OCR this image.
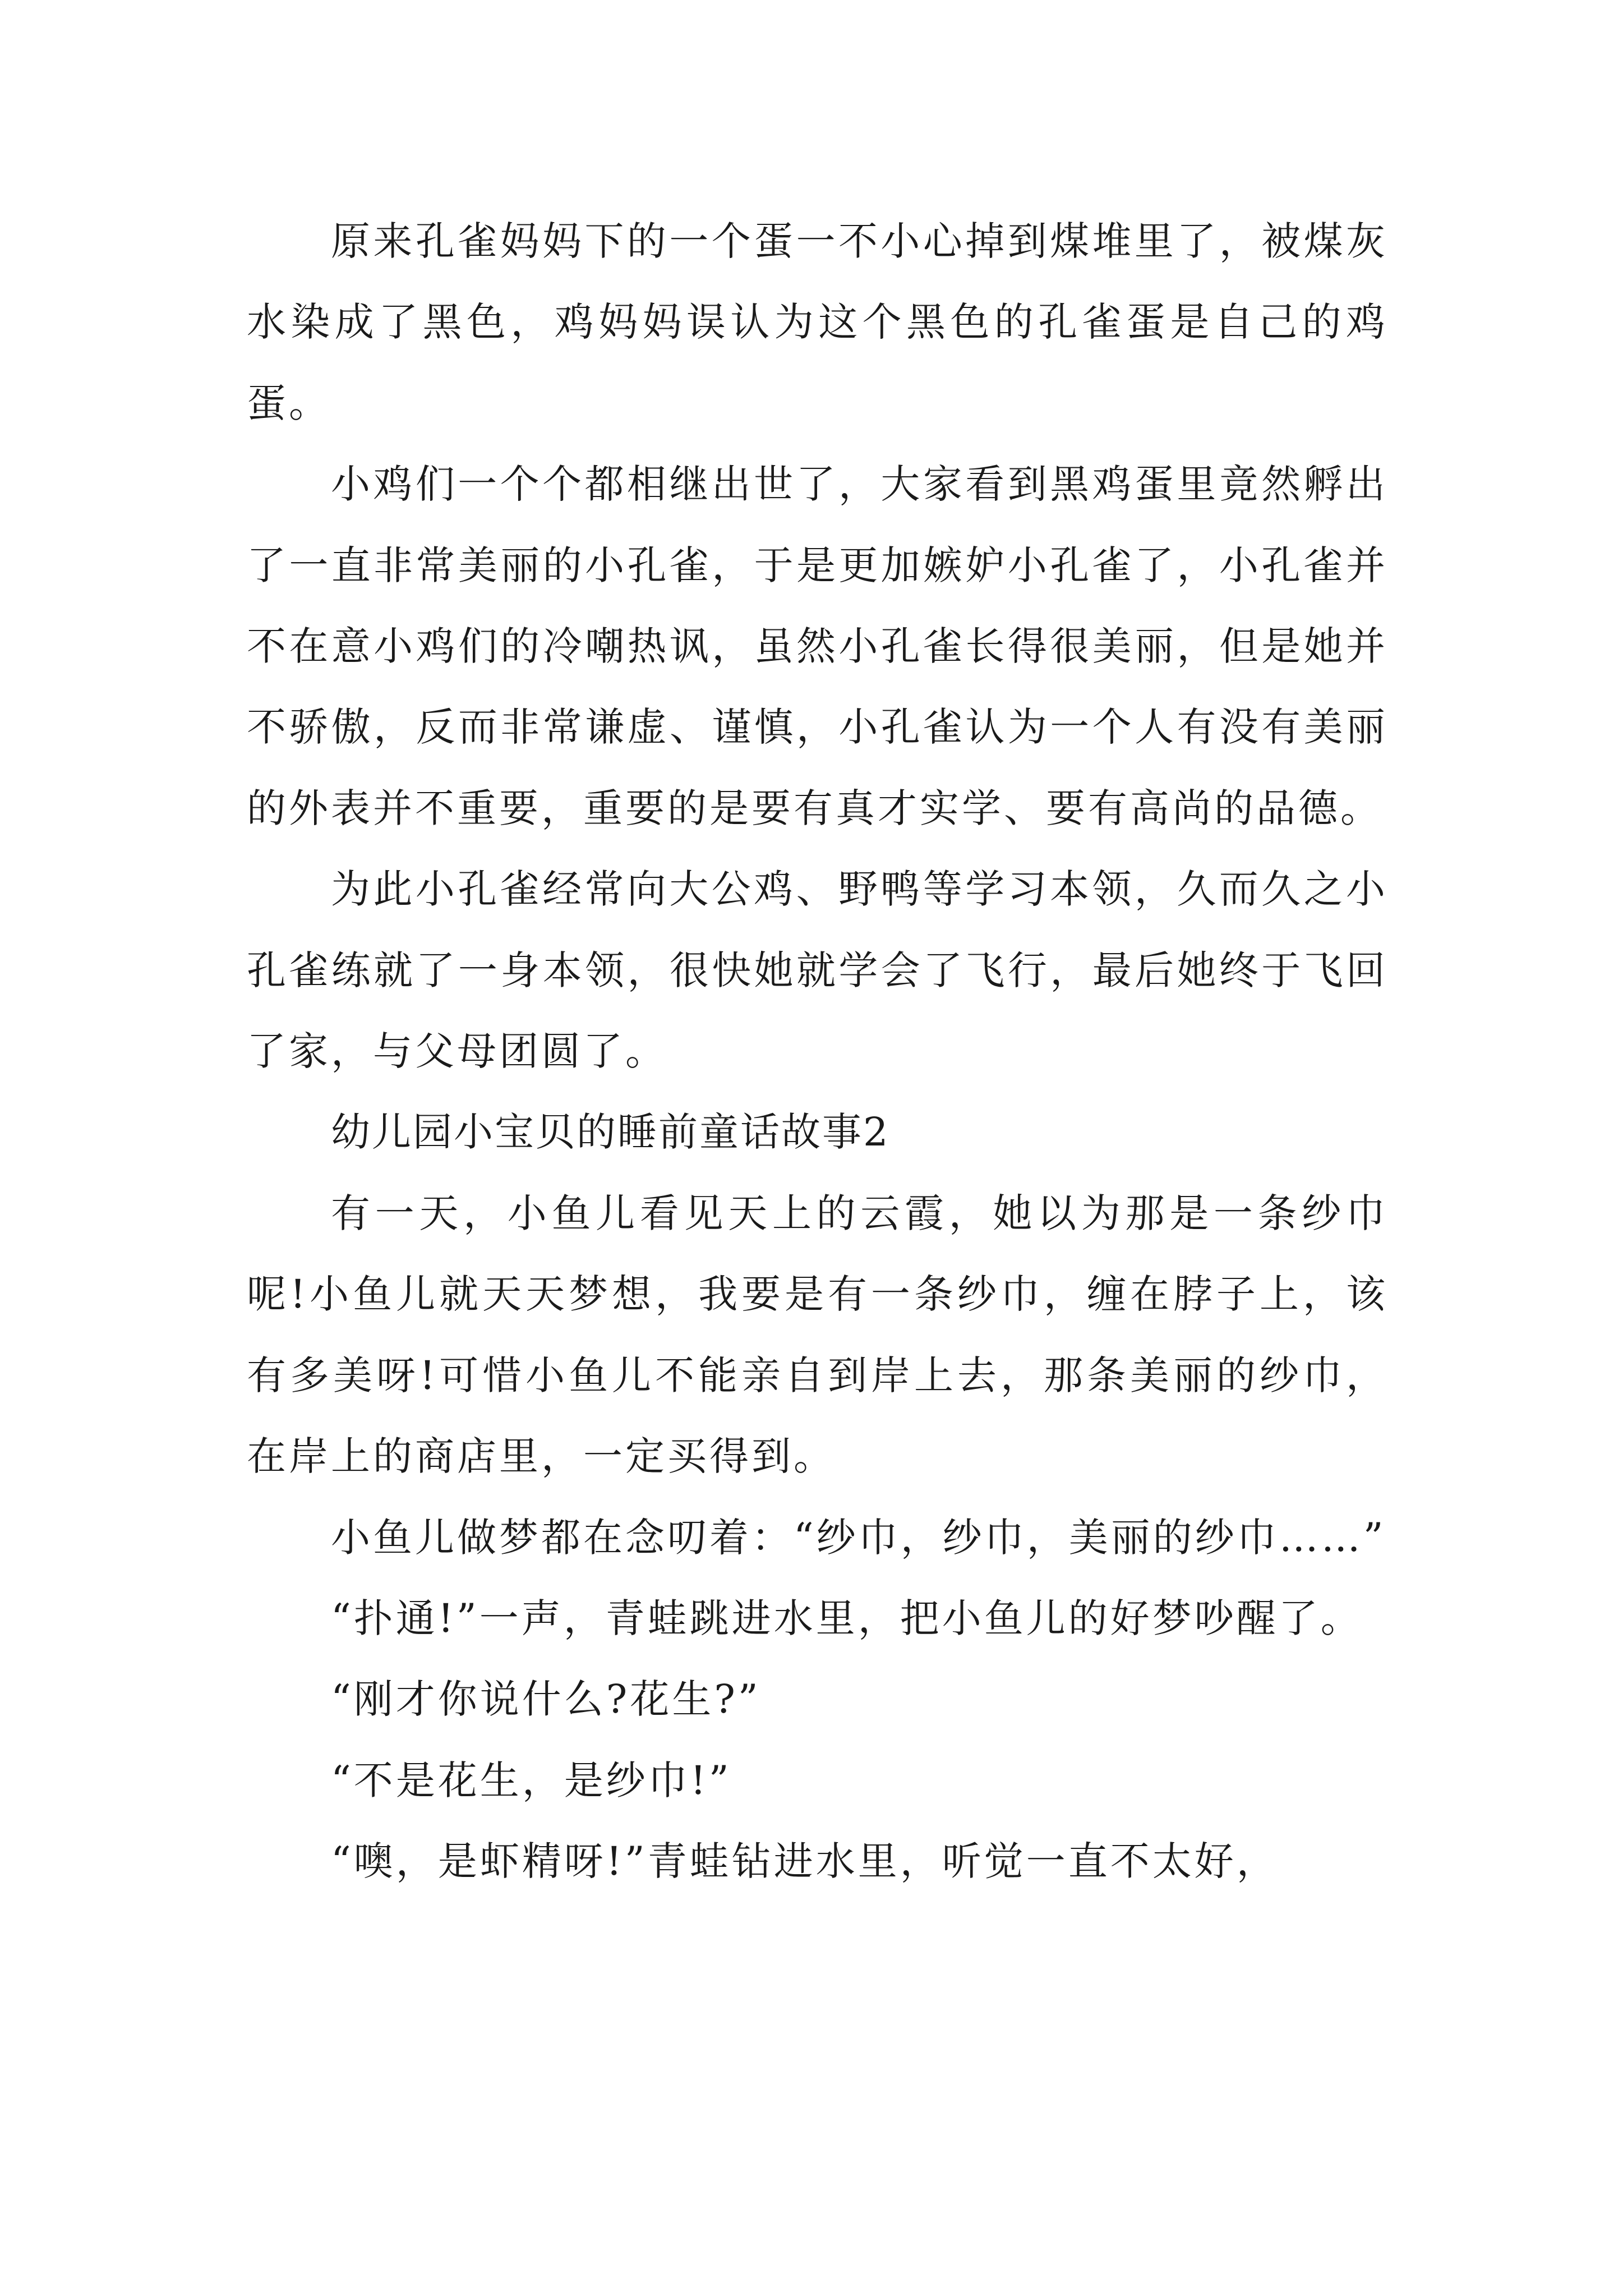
原来孔雀妈妈下的一个蛋一不小心掉到煤堆里了，被煤灰水染成了黑色，鸡妈妈误认为这个黑色的孔雀蛋是自己的鸡蛋。

小鸡们一个个都相继出世了，大家看到黑鸡蛋里竟然孵出了一直非常美丽的小孔雀，于是更加嫉妒小孔雀了，小孔雀并不在意小鸡们的冷嘲热讽，虽然小孔雀长得很美丽，但是她并不骄傲，反而非常谦虚、谨慎，小孔雀认为一个人有没有美丽的外表并不重要，重要的是要有真才实学、要有高尚的品德。

为此小孔雀经常向大公鸡、野鸭等学习本领，久而久之小孔雀练就了一身本领，很快她就学会了飞行，最后她终于飞回了家，与父母团圆了。

幼儿园小宝贝的睡前童话故事2

有一天，小鱼儿看见天上的云霞，她以为那是一条纱巾呢!小鱼儿就天天梦想，我要是有一条纱巾，缠在脖子上，该有多美呀!可惜小鱼儿不能亲自到岸上去，那条美丽的纱巾，在岸上的商店里，一定买得到。

小鱼儿做梦都在念叨着：“纱巾，纱巾，美丽的纱巾……”

“扑通!”一声，青蛙跳进水里，把小鱼儿的好梦吵醒了。

“刚才你说什么?花生?”

“不是花生，是纱巾!”

“噢，是虾精呀!”青蛙钻进水里，听觉一直不太好，
